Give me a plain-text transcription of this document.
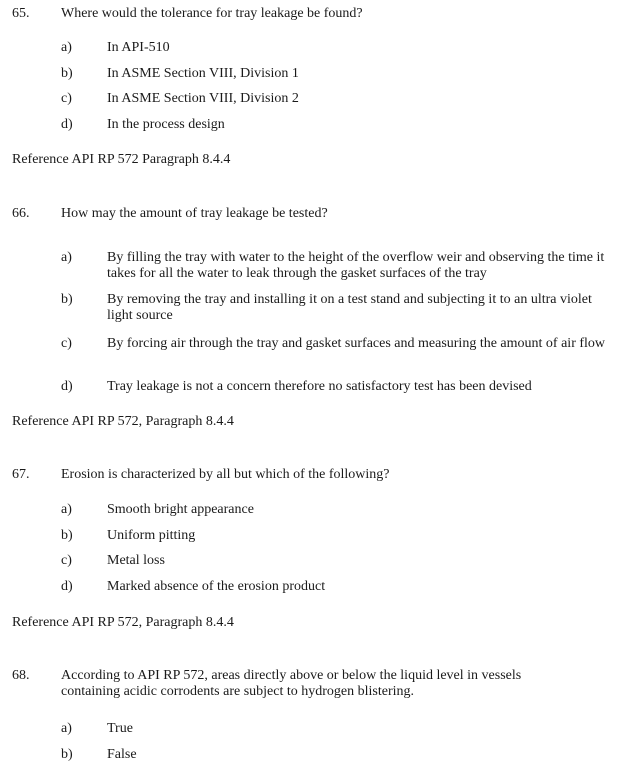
65. Where would the tolerance for tray leakage be found?
a)	In API-510
b) In ASME Section VIII, Division 1
c)	In ASME Section VIII, Division 2
d) In the process design
Reference API RP 572 Paragraph 8.4.4
66. How may the amount of tray leakage be tested?
a)	By filling the tray with water to the height of the overflow weir and observing the time it takes for all the water to leak through the gasket surfaces of the tray
b) By removing the tray and installing it on a test stand and subjecting it to an ultra violet light source
c)	By forcing air through the tray and gasket surfaces and measuring the amount of air flow
d) Tray leakage is not a concern therefore no satisfactory test has been devised
Reference API RP 572, Paragraph 8.4.4
67. Erosion is characterized by all but which of the following?
a)	Smooth bright appearance
b) Uniform pitting
c)	Metal loss
d) Marked absence of the erosion product
Reference API RP 572, Paragraph 8.4.4
68. According to API RP 572, areas directly above or below the liquid level in vessels containing acidic corrodents are subject to hydrogen blistering.
a)	True
b) False
